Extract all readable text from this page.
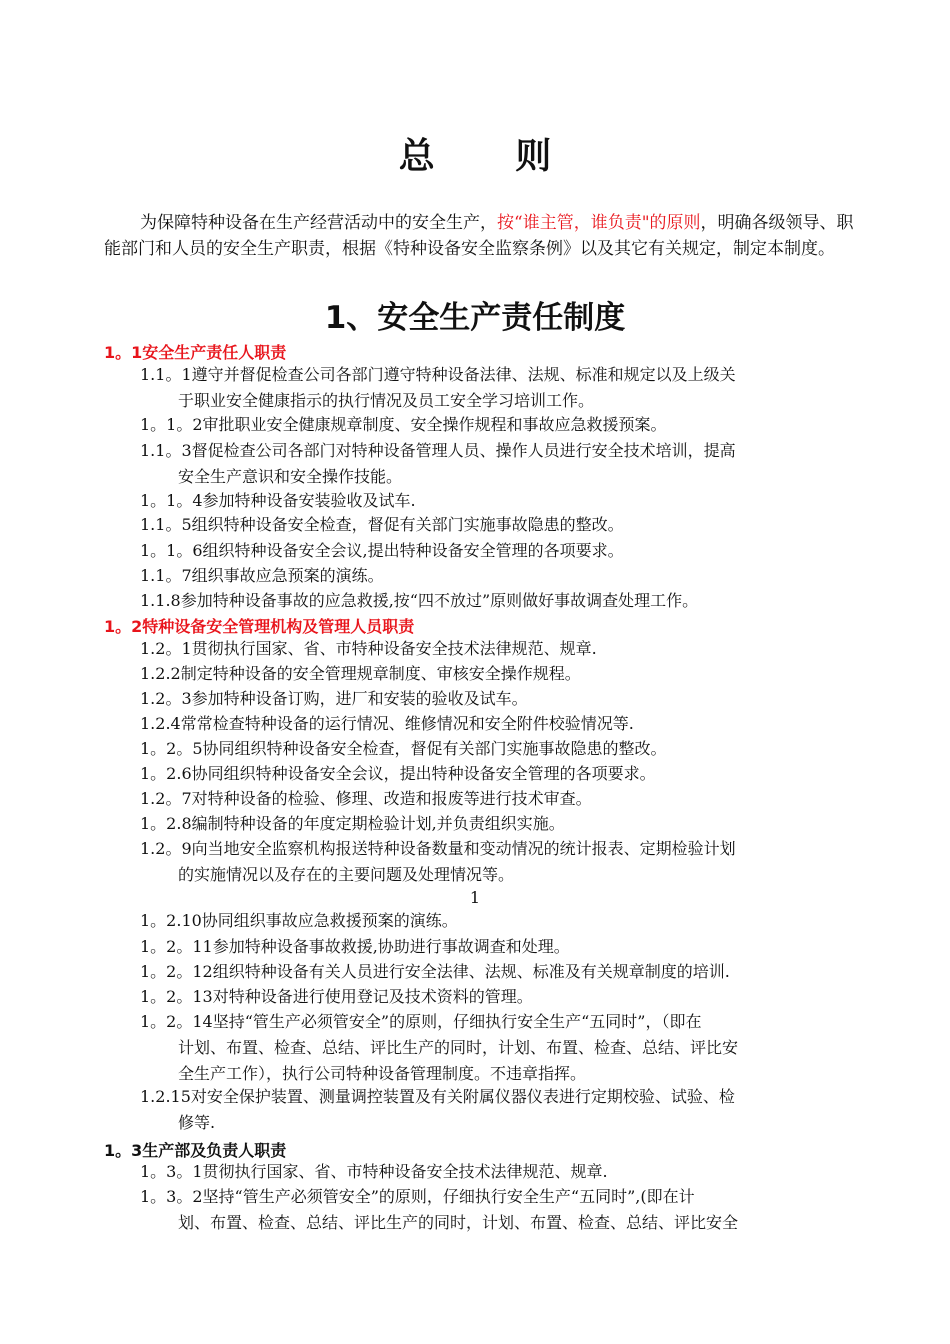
总 则
为保障特种设备在生产经营活动中的安全生产，按“谁主管，谁负责"的原则，明确各级领导、职能部门和人员的安全生产职责，根据《特种设备安全监察条例》以及其它有关规定，制定本制度。
1、安全生产责任制度
1。1安全生产责任人职责
1.1。1遵守并督促检查公司各部门遵守特种设备法律、法规、标准和规定以及上级关
于职业安全健康指示的执行情况及员工安全学习培训工作。
1。1。2审批职业安全健康规章制度、安全操作规程和事故应急救援预案。
1.1。3督促检查公司各部门对特种设备管理人员、操作人员进行安全技术培训，提高
安全生产意识和安全操作技能。
1。1。4参加特种设备安装验收及试车.
1.1。5组织特种设备安全检查，督促有关部门实施事故隐患的整改。
1。1。6组织特种设备安全会议,提出特种设备安全管理的各项要求。
1.1。7组织事故应急预案的演练。
1.1.8参加特种设备事故的应急救援,按“四不放过”原则做好事故调查处理工作。
1。2特种设备安全管理机构及管理人员职责
1.2。1贯彻执行国家、省、市特种设备安全技术法律规范、规章.
1.2.2制定特种设备的安全管理规章制度、审核安全操作规程。
1.2。3参加特种设备订购，进厂和安装的验收及试车。
1.2.4常常检查特种设备的运行情况、维修情况和安全附件校验情况等.
1。2。5协同组织特种设备安全检查，督促有关部门实施事故隐患的整改。
1。2.6协同组织特种设备安全会议，提出特种设备安全管理的各项要求。
1.2。7对特种设备的检验、修理、改造和报废等进行技术审查。
1。2.8编制特种设备的年度定期检验计划,并负责组织实施。
1.2。9向当地安全监察机构报送特种设备数量和变动情况的统计报表、定期检验计划
的实施情况以及存在的主要问题及处理情况等。
1
1。2.10协同组织事故应急救援预案的演练。
1。2。11参加特种设备事故救援,协助进行事故调查和处理。
1。2。12组织特种设备有关人员进行安全法律、法规、标准及有关规章制度的培训.
1。2。13对特种设备进行使用登记及技术资料的管理。
1。2。14坚持“管生产必须管安全”的原则，仔细执行安全生产“五同时”，（即在
计划、布置、检查、总结、评比生产的同时，计划、布置、检查、总结、评比安
全生产工作），执行公司特种设备管理制度。不违章指挥。
1.2.15对安全保护装置、测量调控装置及有关附属仪器仪表进行定期校验、试验、检
修等.
1。3生产部及负责人职责
1。3。1贯彻执行国家、省、市特种设备安全技术法律规范、规章.
1。3。2坚持“管生产必须管安全”的原则，仔细执行安全生产“五同时”,(即在计
划、布置、检查、总结、评比生产的同时，计划、布置、检查、总结、评比安全
